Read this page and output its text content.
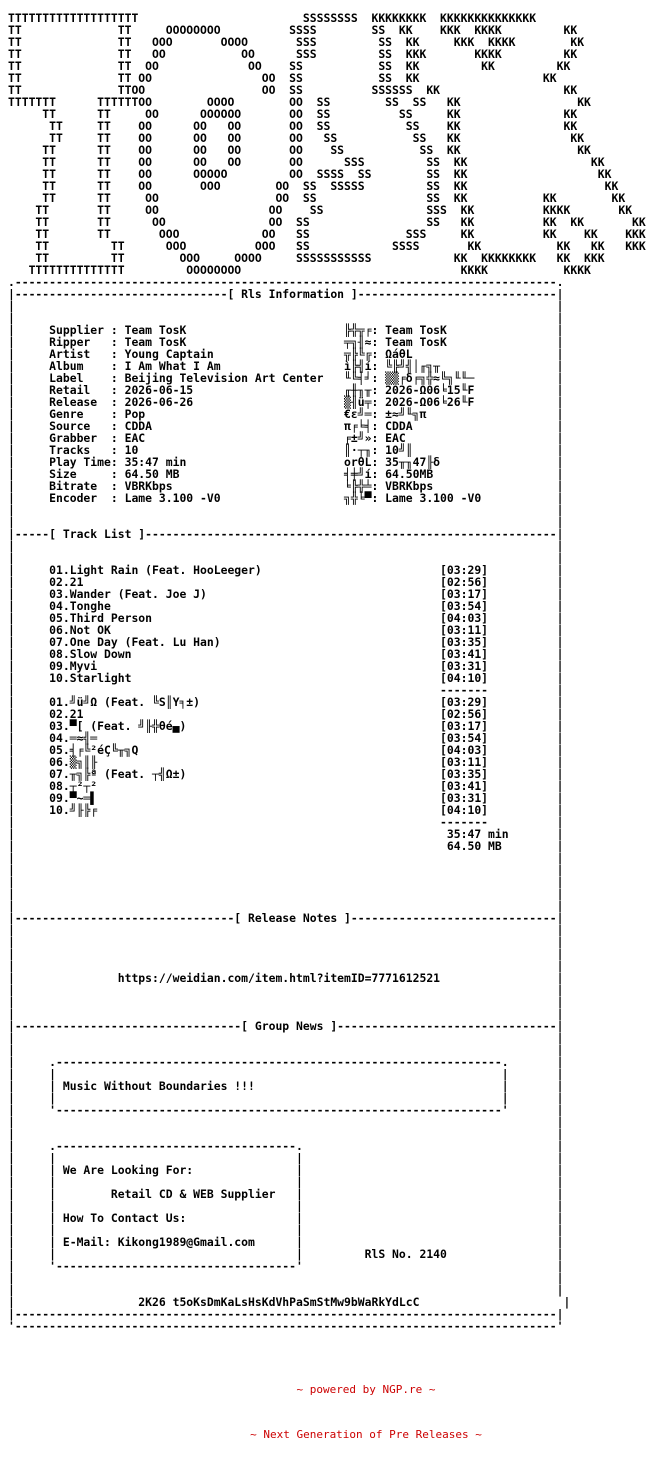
TTTTTTTTTTTTTTTTTTT                        SSSSSSSS  KKKKKKKK  KKKKKKKKKKKKKK
TT              TT     OOOOOOOO          SSSS        SS  KK    KKK  KKKK         KK
TT              TT   OOO       OOOO       SSS         SS  KK     KKK  KKKK        KK
TT              TT   OO           OO      SSS         SS  KKK       KKKK         KK
TT              TT  OO             OO    SS           SS  KK         KK         KK
TT              TT OO                OO  SS           SS  KK                  KK
TT              TTOO                 OO  SS          SSSSSS  KK                  KK
TTTTTTT      TTTTTTOO        OOOO        OO  SS        SS  SS   KK                 KK
TT      TT     OO      OOOOOO       OO  SS          SS     KK               KK
TT     TT    OO      OO   OO       OO  SS           SS    KK               KK
TT     TT    OO      OO   OO       OO   SS           SS   KK                KK
TT      TT    OO      OO   OO       OO    SS           SS  KK                 KK
TT      TT    OO      OO   OO       OO      SSS         SS  KK                  KK
TT      TT    OO      OOOOO         OO  SSSS  SS        SS  KK                   KK
TT      TT    OO       OOO        OO  SS  SSSSS         SS  KK                    KK
TT      TT     OO                 OO  SS                SS  KK           KK        KK
TT       TT     OO                OO    SS               SSS  KK          KKKK       KK
TT       TT      OO               OO  SS                 SS   KK          KK  KK       KK
TT       TT       OOO            OO   SS              SSS     KK          KK    KK    KKK
TT         TT      OOO          OOO   SS            SSSS       KK           KK   KK   KKK
TT         TT        OOO     OOOO     SSSSSSSSSSS            KK  KKKKKKKK   KK  KKK
TTTTTTTTTTTTTT         OOOOOOOO                                KKKK           KKKK
.-------------------------------------------------------------------------------.
|-------------------------------[ Rls Information ]-----------------------------|
|                                                                               |
|                                                                               |
|     Supplier : Team TosK                       ╠╬╦╒: Team TosK                |
|     Ripper   : Team TosK                       ╤╗╢≈: Team TosK                |
|     Artist   : Young Captain                   ╦╠╚╔: ΩáθL                     |
|     Album    : I Am What I Am                  ì╠╣í: ╚╠╝╣│╓╗╥                 |
|     Label    : Beijing Television Art Center   ╙╚╡╛: ▒▒╒δ╒╗╬≈╚╗╙╙─            |
|     Retail   : 2026-06-15                      ╓╫╖╥: 2026-Ω06╘15╙F            |
|     Release  : 2026-06-26                      ▒╢ü╤: 2026-Ω06╘26╙F            |
|     Genre    : Pop                             €ε╝═: ±≈╝╙╗π                   |
|     Source   : CDDA                            π╒╘╡: CDDA                     |
|     Grabber  : EAC                             ╒±╝»: EAC                      |
|     Tracks   : 10                              ║·┬╖: 10╝║                     |
|     Play Time: 35:47 min                       orθL: 35╥╖47╟δ                 |
|     Size     : 64.50 MB                        ╡╪╝í: 64.50MB                  |
|     Bitrate  : VBRKbps                         ╘╠╬╧: VBRKbps                  |
|     Encoder  : Lame 3.100 -V0                  ╗╬╘▀: Lame 3.100 -V0           |
|                                                                               |
|                                                                               |
|-----[ Track List ]------------------------------------------------------------|
|                                                                               |
|                                                                               |
|     01.Light Rain (Feat. HooLeeger)                          [03:29]          |
|     02.21                                                    [02:56]          |
|     03.Wander (Feat. Joe J)                                  [03:17]          |
|     04.Tonghe                                                [03:54]          |
|     05.Third Person                                          [04:03]          |
|     06.Not OK                                                [03:11]          |
|     07.One Day (Feat. Lu Han)                                [03:35]          |
|     08.Slow Down                                             [03:41]          |
|     09.Myvi                                                  [03:31]          |
|     10.Starlight                                             [04:10]          |
|                                                              -------          |
|     01.╝ü╝Ω (Feat. ╚S║Y╕±)                                   [03:29]          |
|     02.21                                                    [02:56]          |
|     03.▀[ (Feat. ╝╟╬θé▄)                                     [03:17]          |
|     04.═≈╣═                                                  [03:54]          |
|     05.╡╒╚²éÇ╚╥╗Q                                            [04:03]          |
|     06.▒╗║╟                                                  [03:11]          |
|     07.╥╗╠ª (Feat. ┬╣Ω±)                                     [03:35]          |
|     08.┬²┬²                                                  [03:41]          |
|     09.▀~═▌                                                  [03:31]          |
|     10.╝╟╠╒                                                  [04:10]          |
|                                                              -------          |
|                                                               35:47 min       |
|                                                               64.50 MB        |
|                                                                               |
|                                                                               |
|                                                                               |
|                                                                               |
|                                                                               |
|--------------------------------[ Release Notes ]------------------------------|
|                                                                               |
|                                                                               |
|                                                                               |
|                                                                               |
|               https://weidian.com/item.html?itemID=7771612521                 |
|                                                                               |
|                                                                               |
|                                                                               |
|---------------------------------[ Group News ]--------------------------------|
|                                                                               |
|                                                                               |
|     .-----------------------------------------------------------------.       |
|     |                                                                 |       |
|     | Music Without Boundaries !!!                                    |       |
|     |                                                                 |       |
|     '-----------------------------------------------------------------'       |
|                                                                               |
|                                                                               |
|     .-----------------------------------.                                     |
|     |                                   |                                     |
|     | We Are Looking For:               |                                     |
|     |                                   |                                     |
|     |        Retail CD & WEB Supplier   |                                     |
|     |                                   |                                     |
|     | How To Contact Us:                |                                     |
|     |                                   |                                     |
|     | E-Mail: Kikong1989@Gmail.com      |                                     |
|     |                                   |         RlS No. 2140                |
|     '-----------------------------------'                                     |
|                                                                               |
|                                                                               |
|                  2K26 t5oKsDmKaLsHsKdVhPaSmStMw9bWaRkYdLcC                     |
|-------------------------------------------------------------------------------|
'-------------------------------------------------------------------------------'

~ powered by NGP.re ~

~ Next Generation of Pre Releases ~
